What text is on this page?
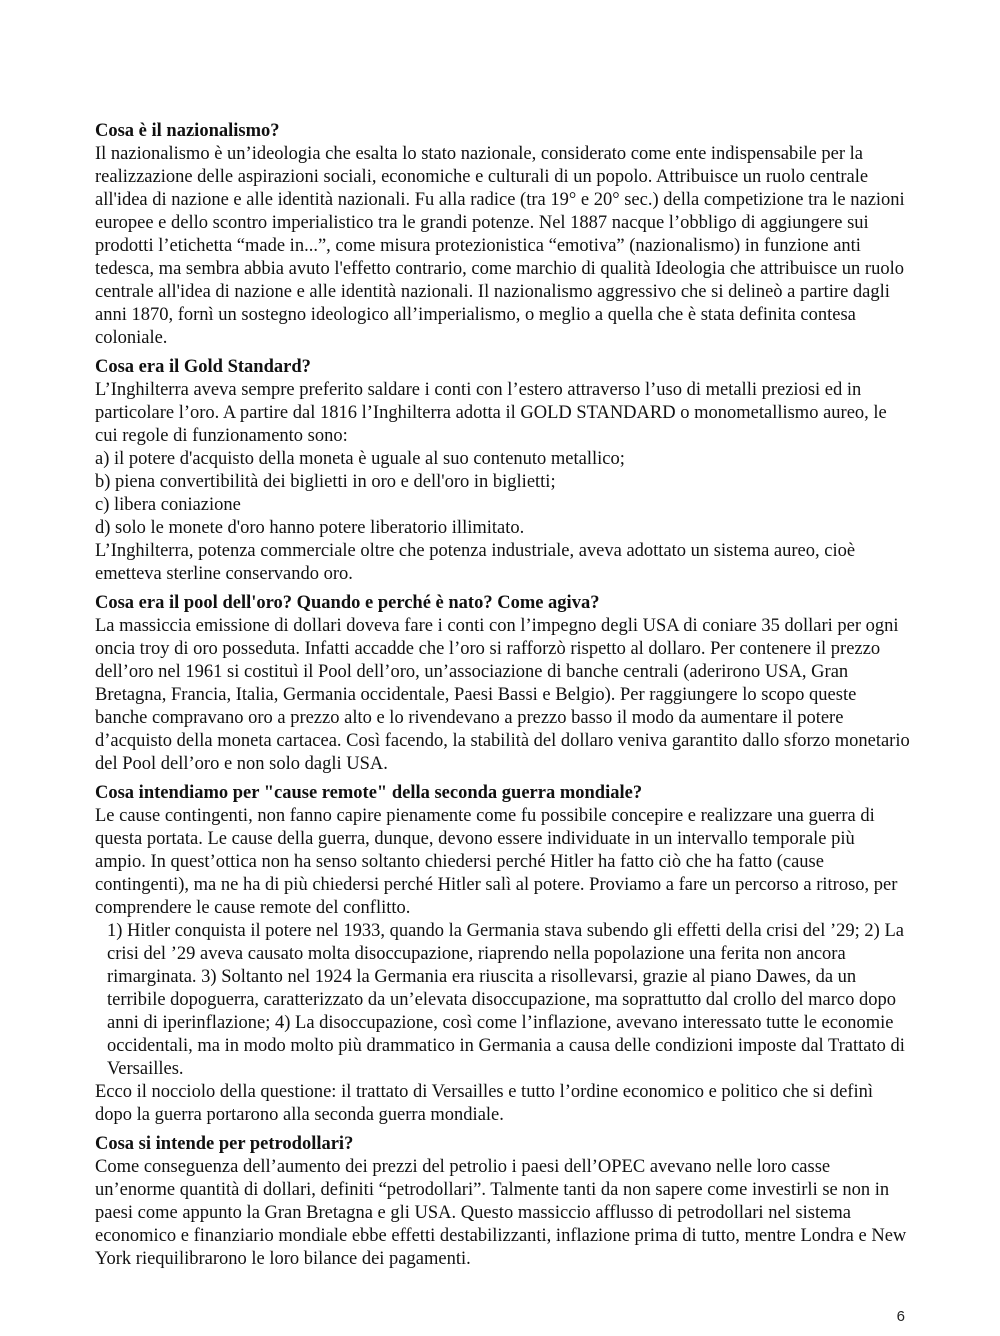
Cosa è il nazionalismo?

Il nazionalismo è un’ideologia che esalta lo stato nazionale, considerato come ente indispensabile per la realizzazione delle aspirazioni sociali, economiche e culturali di un popolo. Attribuisce un ruolo centrale all'idea di nazione e alle identità nazionali. Fu alla radice (tra 19° e 20° sec.) della competizione tra le nazioni europee e dello scontro imperialistico tra le grandi potenze. Nel 1887 nacque l’obbligo di aggiungere sui prodotti l’etichetta “made in...”, come misura protezionistica “emotiva” (nazionalismo) in funzione anti tedesca, ma sembra abbia avuto l'effetto contrario, come marchio di qualità Ideologia che attribuisce un ruolo centrale all'idea di nazione e alle identità nazionali. Il nazionalismo aggressivo che si delineò a partire dagli anni 1870, fornì un sostegno ideologico all’imperialismo, o meglio a quella che è stata definita contesa coloniale.

Cosa era il Gold Standard?

L’Inghilterra aveva sempre preferito saldare i conti con l’estero attraverso l’uso di metalli preziosi ed in particolare l’oro. A partire dal 1816 l’Inghilterra adotta il GOLD STANDARD o monometallismo aureo, le cui regole di funzionamento sono:

a) il potere d'acquisto della moneta è uguale al suo contenuto metallico;

b) piena convertibilità dei biglietti in oro e dell'oro in biglietti;

c) libera coniazione

d) solo le monete d'oro hanno potere liberatorio illimitato.

L’Inghilterra, potenza commerciale oltre che potenza industriale, aveva adottato un sistema aureo, cioè emetteva sterline conservando oro.

Cosa era il pool dell'oro? Quando e perché è nato? Come agiva?

La massiccia emissione di dollari doveva fare i conti con l’impegno degli USA di coniare 35 dollari per ogni oncia troy di oro posseduta. Infatti accadde che l’oro si rafforzò rispetto al dollaro. Per contenere il prezzo dell’oro nel 1961 si costituì il Pool dell’oro, un’associazione di banche centrali (aderirono USA, Gran Bretagna, Francia, Italia, Germania occidentale, Paesi Bassi e Belgio). Per raggiungere lo scopo queste banche compravano oro a prezzo alto e lo rivendevano a prezzo basso il modo da aumentare il potere d’acquisto della moneta cartacea. Così facendo, la stabilità del dollaro veniva garantito dallo sforzo monetario del Pool dell’oro e non solo dagli USA.

Cosa intendiamo per "cause remote" della seconda guerra mondiale?

Le cause contingenti, non fanno capire pienamente come fu possibile concepire e realizzare una guerra di questa portata. Le cause della guerra, dunque, devono essere individuate in un intervallo temporale più ampio. In quest’ottica non ha senso soltanto chiedersi perché Hitler ha fatto ciò che ha fatto (cause contingenti), ma ne ha di più chiedersi perché Hitler salì al potere. Proviamo a fare un percorso a ritroso, per comprendere le cause remote del conflitto.

1) Hitler conquista il potere nel 1933, quando la Germania stava subendo gli effetti della crisi del ’29; 2) La crisi del ’29 aveva causato molta disoccupazione, riaprendo nella popolazione una ferita non ancora rimarginata. 3) Soltanto nel 1924 la Germania era riuscita a risollevarsi, grazie al piano Dawes, da un terribile dopoguerra, caratterizzato da un’elevata disoccupazione, ma soprattutto dal crollo del marco dopo anni di iperinflazione; 4) La disoccupazione, così come l’inflazione, avevano interessato tutte le economie occidentali, ma in modo molto più drammatico in Germania a causa delle condizioni imposte dal Trattato di Versailles.

Ecco il nocciolo della questione: il trattato di Versailles e tutto l’ordine economico e politico che si definì dopo la guerra portarono alla seconda guerra mondiale.

Cosa si intende per petrodollari?

Come conseguenza dell’aumento dei prezzi del petrolio i paesi dell’OPEC avevano nelle loro casse un’enorme quantità di dollari, definiti “petrodollari”. Talmente tanti da non sapere come investirli se non in paesi come appunto la Gran Bretagna e gli USA. Questo massiccio afflusso di petrodollari nel sistema economico e finanziario mondiale ebbe effetti destabilizzanti, inflazione prima di tutto, mentre Londra e New York riequilibrarono le loro bilance dei pagamenti.

6
